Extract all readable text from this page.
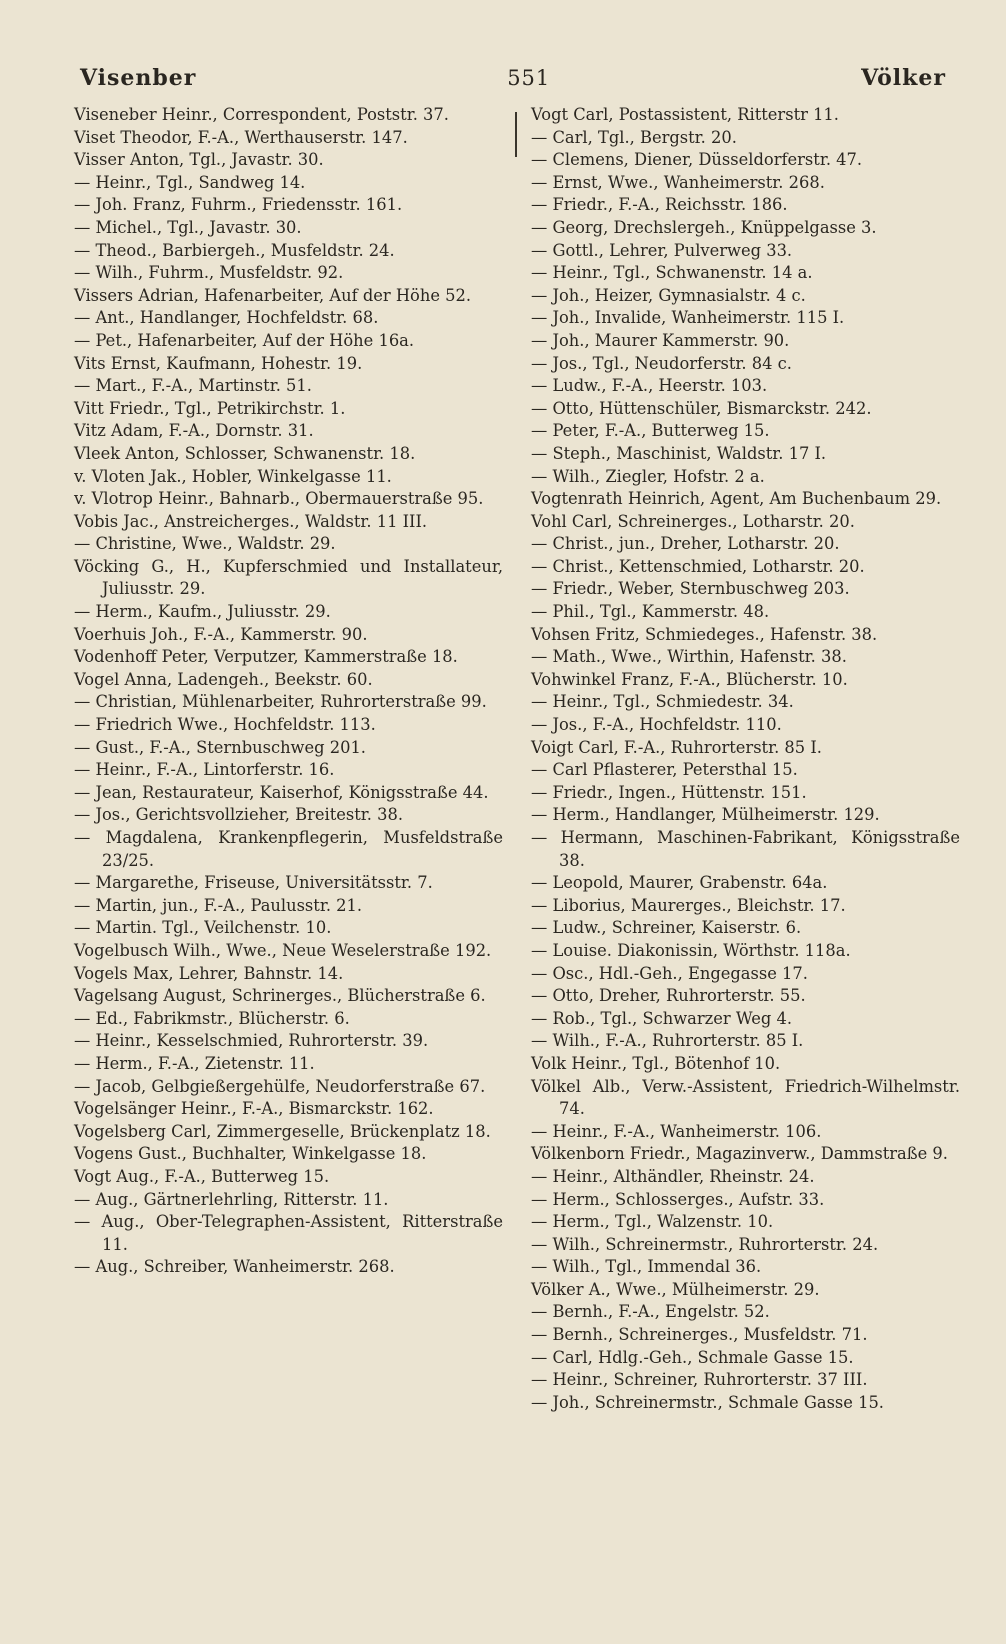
Visenber	551	Völker
Viseneber Heinr., Correspondent, Poststr. 37.
Viset Theodor, F.-A., Werthauserstr. 147.
Visser Anton, Tgl., Javastr. 30.
— Heinr., Tgl., Sandweg 14.
— Joh. Franz, Fuhrm., Friedensstr. 161.
— Michel., Tgl., Javastr. 30.
— Theod., Barbiergeh., Musfeldstr. 24.
— Wilh., Fuhrm., Musfeldstr. 92.
Vissers Adrian, Hafenarbeiter, Auf der Höhe 52.
— Ant., Handlanger, Hochfeldstr. 68.
— Pet., Hafenarbeiter, Auf der Höhe 16a.
Vits Ernst, Kaufmann, Hohestr. 19.
— Mart., F.-A., Martinstr. 51.
Vitt Friedr., Tgl., Petrikirchstr. 1.
Vitz Adam, F.-A., Dornstr. 31.
Vleek Anton, Schlosser, Schwanenstr. 18.
v. Vloten Jak., Hobler, Winkelgasse 11.
v. Vlotrop Heinr., Bahnarb., Obermauerstraße 95.
Vobis Jac., Anstreicherges., Waldstr. 11 III.
— Christine, Wwe., Waldstr. 29.
Vöcking G., H., Kupferschmied und Installateur, Juliusstr. 29.
— Herm., Kaufm., Juliusstr. 29.
Voerhuis Joh., F.-A., Kammerstr. 90.
Vodenhoff Peter, Verputzer, Kammerstraße 18.
Vogel Anna, Ladengeh., Beekstr. 60.
— Christian, Mühlenarbeiter, Ruhrorterstraße 99.
— Friedrich Wwe., Hochfeldstr. 113.
— Gust., F.-A., Sternbuschweg 201.
— Heinr., F.-A., Lintorferstr. 16.
— Jean, Restaurateur, Kaiserhof, Königsstraße 44.
— Jos., Gerichtsvollzieher, Breitestr. 38.
— Magdalena, Krankenpflegerin, Musfeldstraße 23/25.
— Margarethe, Friseuse, Universitätsstr. 7.
— Martin, jun., F.-A., Paulusstr. 21.
— Martin. Tgl., Veilchenstr. 10.
Vogelbusch Wilh., Wwe., Neue Weselerstraße 192.
Vogels Max, Lehrer, Bahnstr. 14.
Vagelsang August, Schrinerges., Blücherstraße 6.
— Ed., Fabrikmstr., Blücherstr. 6.
— Heinr., Kesselschmied, Ruhrorterstr. 39.
— Herm., F.-A., Zietenstr. 11.
— Jacob, Gelbgießergehülfe, Neudorferstraße 67.
Vogelsänger Heinr., F.-A., Bismarckstr. 162.
Vogelsberg Carl, Zimmergeselle, Brückenplatz 18.
Vogens Gust., Buchhalter, Winkelgasse 18.
Vogt Aug., F.-A., Butterweg 15.
— Aug., Gärtnerlehrling, Ritterstr. 11.
— Aug., Ober-Telegraphen-Assistent, Ritterstraße 11.
— Aug., Schreiber, Wanheimerstr. 268.
Vogt Carl, Postassistent, Ritterstr 11.
— Carl, Tgl., Bergstr. 20.
— Clemens, Diener, Düsseldorferstr. 47.
— Ernst, Wwe., Wanheimerstr. 268.
— Friedr., F.-A., Reichsstr. 186.
— Georg, Drechslergeh., Knüppelgasse 3.
— Gottl., Lehrer, Pulverweg 33.
— Heinr., Tgl., Schwanenstr. 14 a.
— Joh., Heizer, Gymnasialstr. 4 c.
— Joh., Invalide, Wanheimerstr. 115 I.
— Joh., Maurer Kammerstr. 90.
— Jos., Tgl., Neudorferstr. 84 c.
— Ludw., F.-A., Heerstr. 103.
— Otto, Hüttenschüler, Bismarckstr. 242.
— Peter, F.-A., Butterweg 15.
— Steph., Maschinist, Waldstr. 17 I.
— Wilh., Ziegler, Hofstr. 2 a.
Vogtenrath Heinrich, Agent, Am Buchenbaum 29.
Vohl Carl, Schreinerges., Lotharstr. 20.
— Christ., jun., Dreher, Lotharstr. 20.
— Christ., Kettenschmied, Lotharstr. 20.
— Friedr., Weber, Sternbuschweg 203.
— Phil., Tgl., Kammerstr. 48.
Vohsen Fritz, Schmiedeges., Hafenstr. 38.
— Math., Wwe., Wirthin, Hafenstr. 38.
Vohwinkel Franz, F.-A., Blücherstr. 10.
— Heinr., Tgl., Schmiedestr. 34.
— Jos., F.-A., Hochfeldstr. 110.
Voigt Carl, F.-A., Ruhrorterstr. 85 I.
— Carl Pflasterer, Petersthal 15.
— Friedr., Ingen., Hüttenstr. 151.
— Herm., Handlanger, Mülheimerstr. 129.
— Hermann, Maschinen-Fabrikant, Königsstraße 38.
— Leopold, Maurer, Grabenstr. 64a.
— Liborius, Maurerges., Bleichstr. 17.
— Ludw., Schreiner, Kaiserstr. 6.
— Louise. Diakonissin, Wörthstr. 118a.
— Osc., Hdl.-Geh., Engegasse 17.
— Otto, Dreher, Ruhrorterstr. 55.
— Rob., Tgl., Schwarzer Weg 4.
— Wilh., F.-A., Ruhrorterstr. 85 I.
Volk Heinr., Tgl., Bötenhof 10.
Völkel Alb., Verw.-Assistent, Friedrich-Wilhelmstr. 74.
— Heinr., F.-A., Wanheimerstr. 106.
Völkenborn Friedr., Magazinverw., Dammstraße 9.
— Heinr., Althändler, Rheinstr. 24.
— Herm., Schlosserges., Aufstr. 33.
— Herm., Tgl., Walzenstr. 10.
— Wilh., Schreinermstr., Ruhrorterstr. 24.
— Wilh., Tgl., Immendal 36.
Völker A., Wwe., Mülheimerstr. 29.
— Bernh., F.-A., Engelstr. 52.
— Bernh., Schreinerges., Musfeldstr. 71.
— Carl, Hdlg.-Geh., Schmale Gasse 15.
— Heinr., Schreiner, Ruhrorterstr. 37 III.
— Joh., Schreinermstr., Schmale Gasse 15.
